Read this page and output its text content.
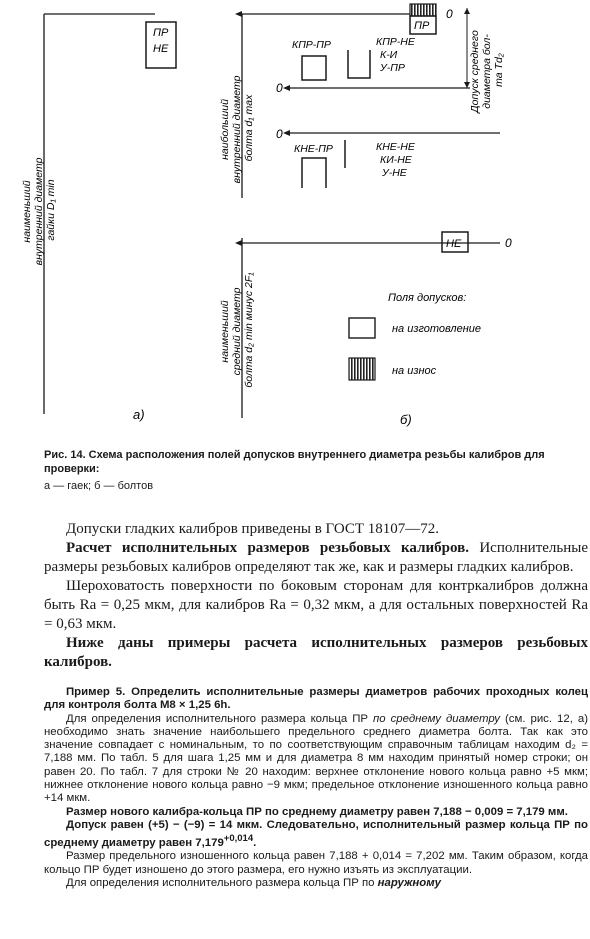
ПР
НЕ
наименьший внутренний диаметр гайки D₁ min
а)
ПР
0
0
0
0
КПР-ПР	КПР-НЕ К-И У-ПР
КНЕ-ПР	КНЕ-НЕ КИ-НЕ У-НЕ
НЕ
наибольший внутренний диаметр болта d₁ max
Допуск среднего диаметра бол- та Td₂
наименьший средний диаметр болта d₂ min минус 2F₁	Поля допусков:
на изготовление
на износ
б)
Рис. 14. Схема расположения полей допусков внутреннего диаметра резьбы калибров для проверки:
а — гаек; б — болтов

Допуски гладких калибров приведены в ГОСТ 18107—72.

Расчет исполнительных размеров резьбовых калибров. Исполнительные размеры резьбовых калибров определяют так же, как и размеры гладких калибров.

Шероховатость поверхности по боковым сторонам для контркалибров должна быть Ra = 0,25 мкм, для калибров Ra = 0,32 мкм, а для остальных поверхностей Ra = 0,63 мкм.

Ниже даны примеры расчета исполнительных размеров резьбовых калибров.

Пример 5. Определить исполнительные размеры диаметров рабочих проходных колец для контроля болта М8 × 1,25 6h.

Для определения исполнительного размера кольца ПР по среднему диаметру (см. рис. 12, а) необходимо знать значение наибольшего предельного среднего диаметра болта. Так как это значение совпадает с номинальным, то по соответствующим справочным таблицам находим d₂ = 7,188 мм. По табл. 5 для шага 1,25 мм и для диаметра 8 мм находим принятый номер строки; он равен 20. По табл. 7 для строки № 20 находим: верхнее отклонение нового кольца равно +5 мкм; нижнее отклонение нового кольца равно −9 мкм; предельное отклонение изношенного кольца равно +14 мкм.

Размер нового калибра-кольца ПР по среднему диаметру равен 7,188 − 0,009 = 7,179 мм.

Допуск равен (+5) − (−9) = 14 мкм. Следовательно, исполнительный размер кольца ПР по среднему диаметру равен $7,179^{+0,014}$.

Размер предельного изношенного кольца равен 7,188 + 0,014 = 7,202 мм. Таким образом, когда кольцо ПР будет изношено до этого размера, его нужно изъять из эксплуатации.

Для определения исполнительного размера кольца ПР по наружному
